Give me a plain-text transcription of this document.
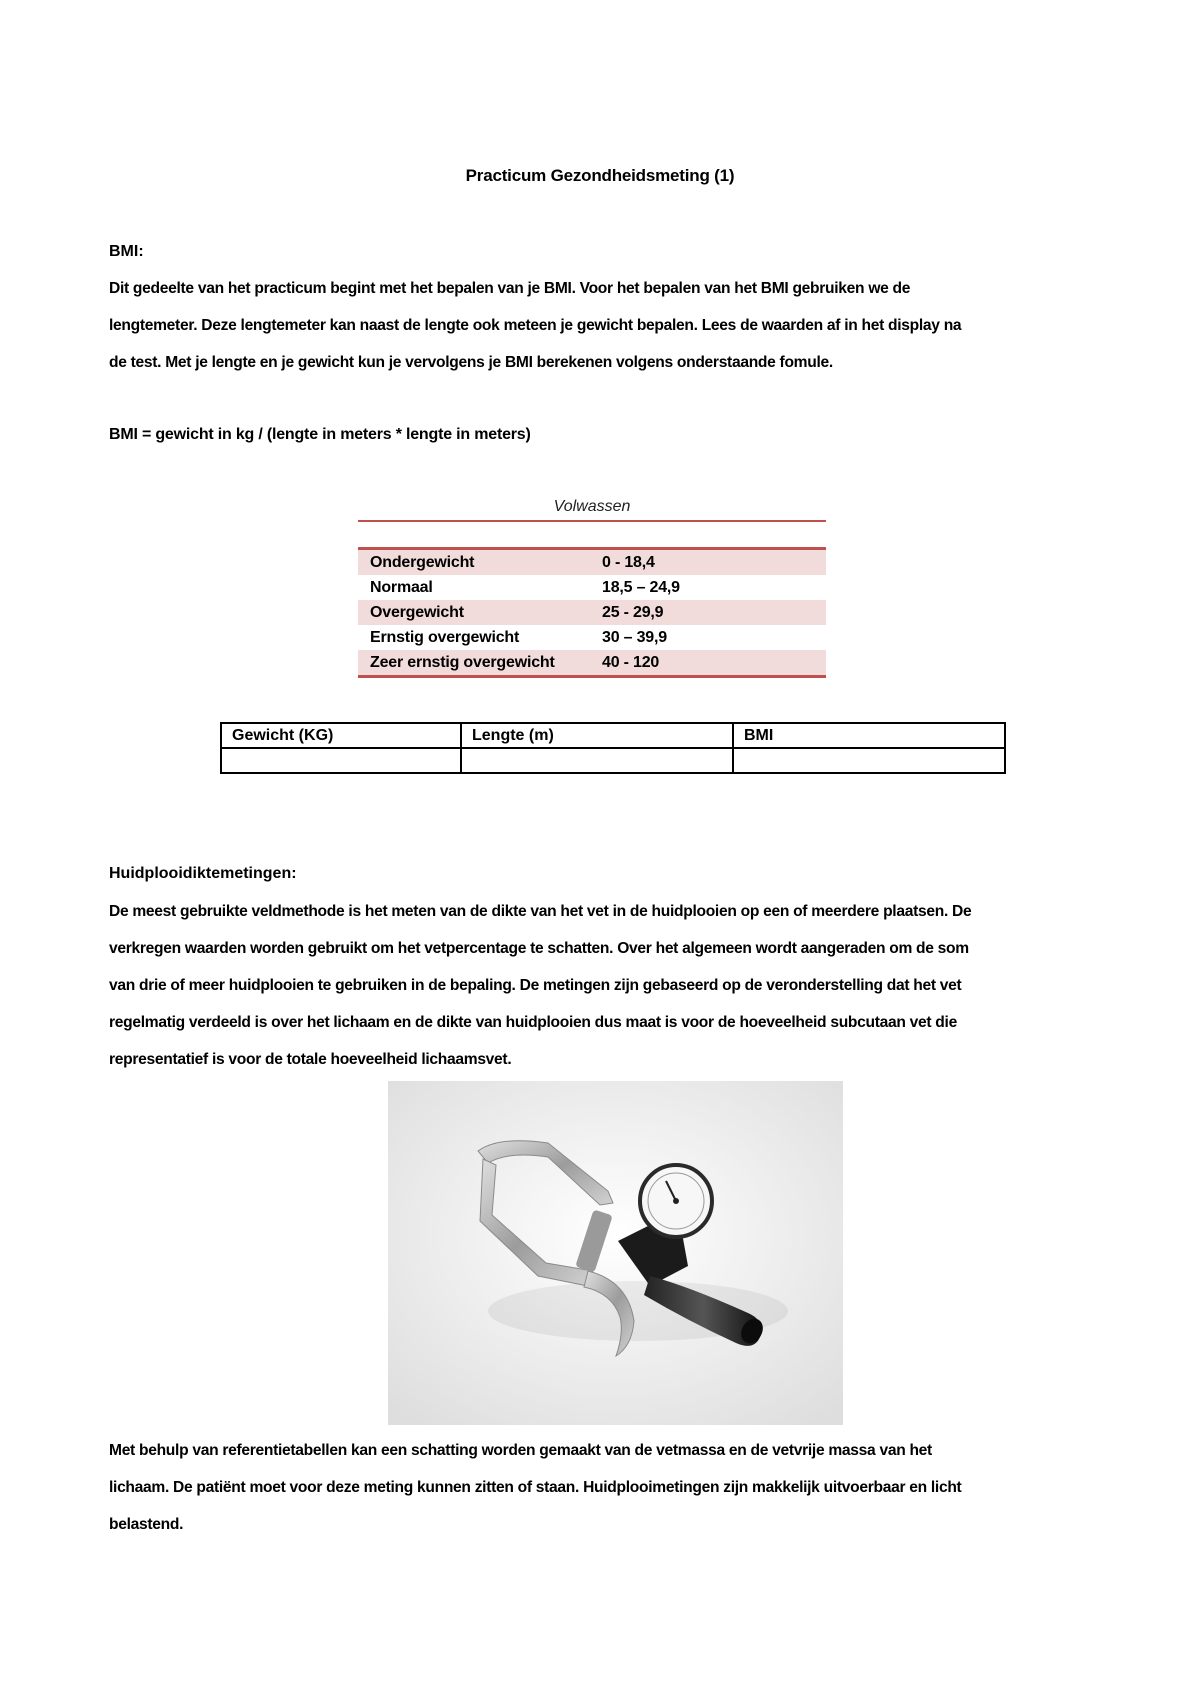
Practicum Gezondheidsmeting (1)
BMI:
Dit gedeelte van het practicum begint met het bepalen van je BMI. Voor het bepalen van het BMI gebruiken we de
lengtemeter. Deze lengtemeter kan naast de lengte ook meteen je gewicht bepalen. Lees de waarden af in het display na
de test. Met je lengte en je gewicht kun je vervolgens je BMI berekenen volgens onderstaande fomule.
BMI = gewicht in kg / (lengte in meters * lengte in meters)
Volwassen
Ondergewicht	0 - 18,4
Normaal	18,5 – 24,9
Overgewicht	25 - 29,9
Ernstig overgewicht	30 – 39,9
Zeer ernstig overgewicht	40 - 120
Gewicht (KG)	Lengte (m)	BMI

Huidplooidiktemetingen:
De meest gebruikte veldmethode is het meten van de dikte van het vet in de huidplooien op een of meerdere plaatsen. De
verkregen waarden worden gebruikt om het vetpercentage te schatten. Over het algemeen wordt aangeraden om de som
van drie of meer huidplooien te gebruiken in de bepaling. De metingen zijn gebaseerd op de veronderstelling dat het vet
regelmatig verdeeld is over het lichaam en de dikte van huidplooien dus maat is voor de hoeveelheid subcutaan vet die
representatief is voor de totale hoeveelheid lichaamsvet.
Met behulp van referentietabellen kan een schatting worden gemaakt van de vetmassa en de vetvrije massa van het
lichaam. De patiënt moet voor deze meting kunnen zitten of staan. Huidplooimetingen zijn makkelijk uitvoerbaar en licht
belastend.
